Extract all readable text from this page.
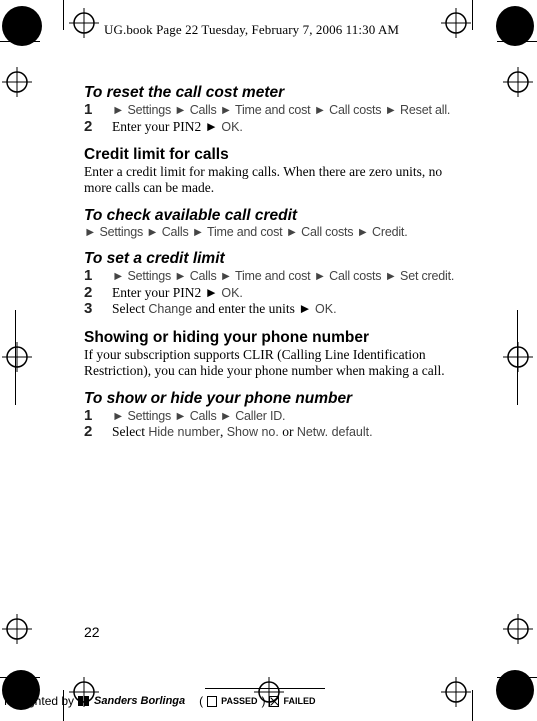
UG.book Page 22 Tuesday, February 7, 2006 11:30 AM
To reset the call cost meter
1	► Settings ► Calls ► Time and cost ► Call costs ► Reset all.
2	Enter your PIN2 ► OK.
Credit limit for calls

Enter a credit limit for making calls. When there are zero units, no more calls can be made.

To check available call credit
► Settings ► Calls ► Time and cost ► Call costs ► Credit.
To set a credit limit
1	► Settings ► Calls ► Time and cost ► Call costs ► Set credit.
2	Enter your PIN2 ► OK.
3	Select Change and enter the units ► OK.
Showing or hiding your phone number

If your subscription supports CLIR (Calling Line Identification Restriction), you can hide your phone number when making a call.

To show or hide your phone number
1	► Settings ► Calls ► Caller ID.
2	Select Hide number, Show no. or Netw. default.
22
Prelighted by Sanders Borlinga ( PASSED ) FAILED
